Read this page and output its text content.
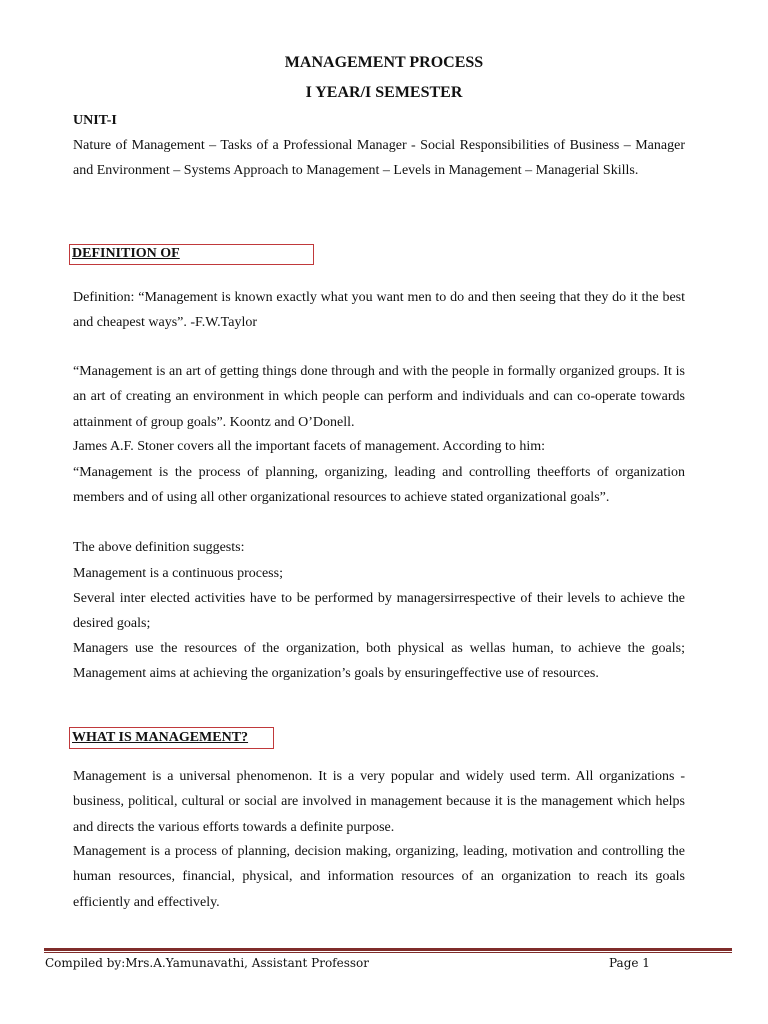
MANAGEMENT PROCESS
I YEAR/I SEMESTER

UNIT-I

Nature of Management – Tasks of a Professional Manager - Social Responsibilities of Business – Manager and Environment – Systems Approach to Management – Levels in Management – Managerial Skills.

DEFINITION OF

Definition: “Management is known exactly what you want men to do and then seeing that they do it the best and cheapest ways”. -F.W.Taylor

“Management is an art of getting things done through and with the people in formally organized groups. It is an art of creating an environment in which people can perform and individuals and can co-operate towards attainment of group goals”. Koontz and O’Donell.

James A.F. Stoner covers all the important facets of management. According to him:

“Management is the process of planning, organizing, leading and controlling theefforts of organization members and of using all other organizational resources to achieve stated organizational goals”.

The above definition suggests:

Management is a continuous process;

Several inter elected activities have to be performed by managersirrespective of their levels to achieve the desired goals;

Managers use the resources of the organization, both physical as wellas human, to achieve the goals; Management aims at achieving the organization’s goals by ensuringeffective use of resources.

WHAT IS MANAGEMENT?

Management is a universal phenomenon. It is a very popular and widely used term. All organizations - business, political, cultural or social are involved in management because it is the management which helps and directs the various efforts towards a definite purpose.

Management is a process of planning, decision making, organizing, leading, motivation and controlling the human resources, financial, physical, and information resources of an organization to reach its goals efficiently and effectively.

Compiled by:Mrs.A.Yamunavathi, Assistant Professor	Page 1
